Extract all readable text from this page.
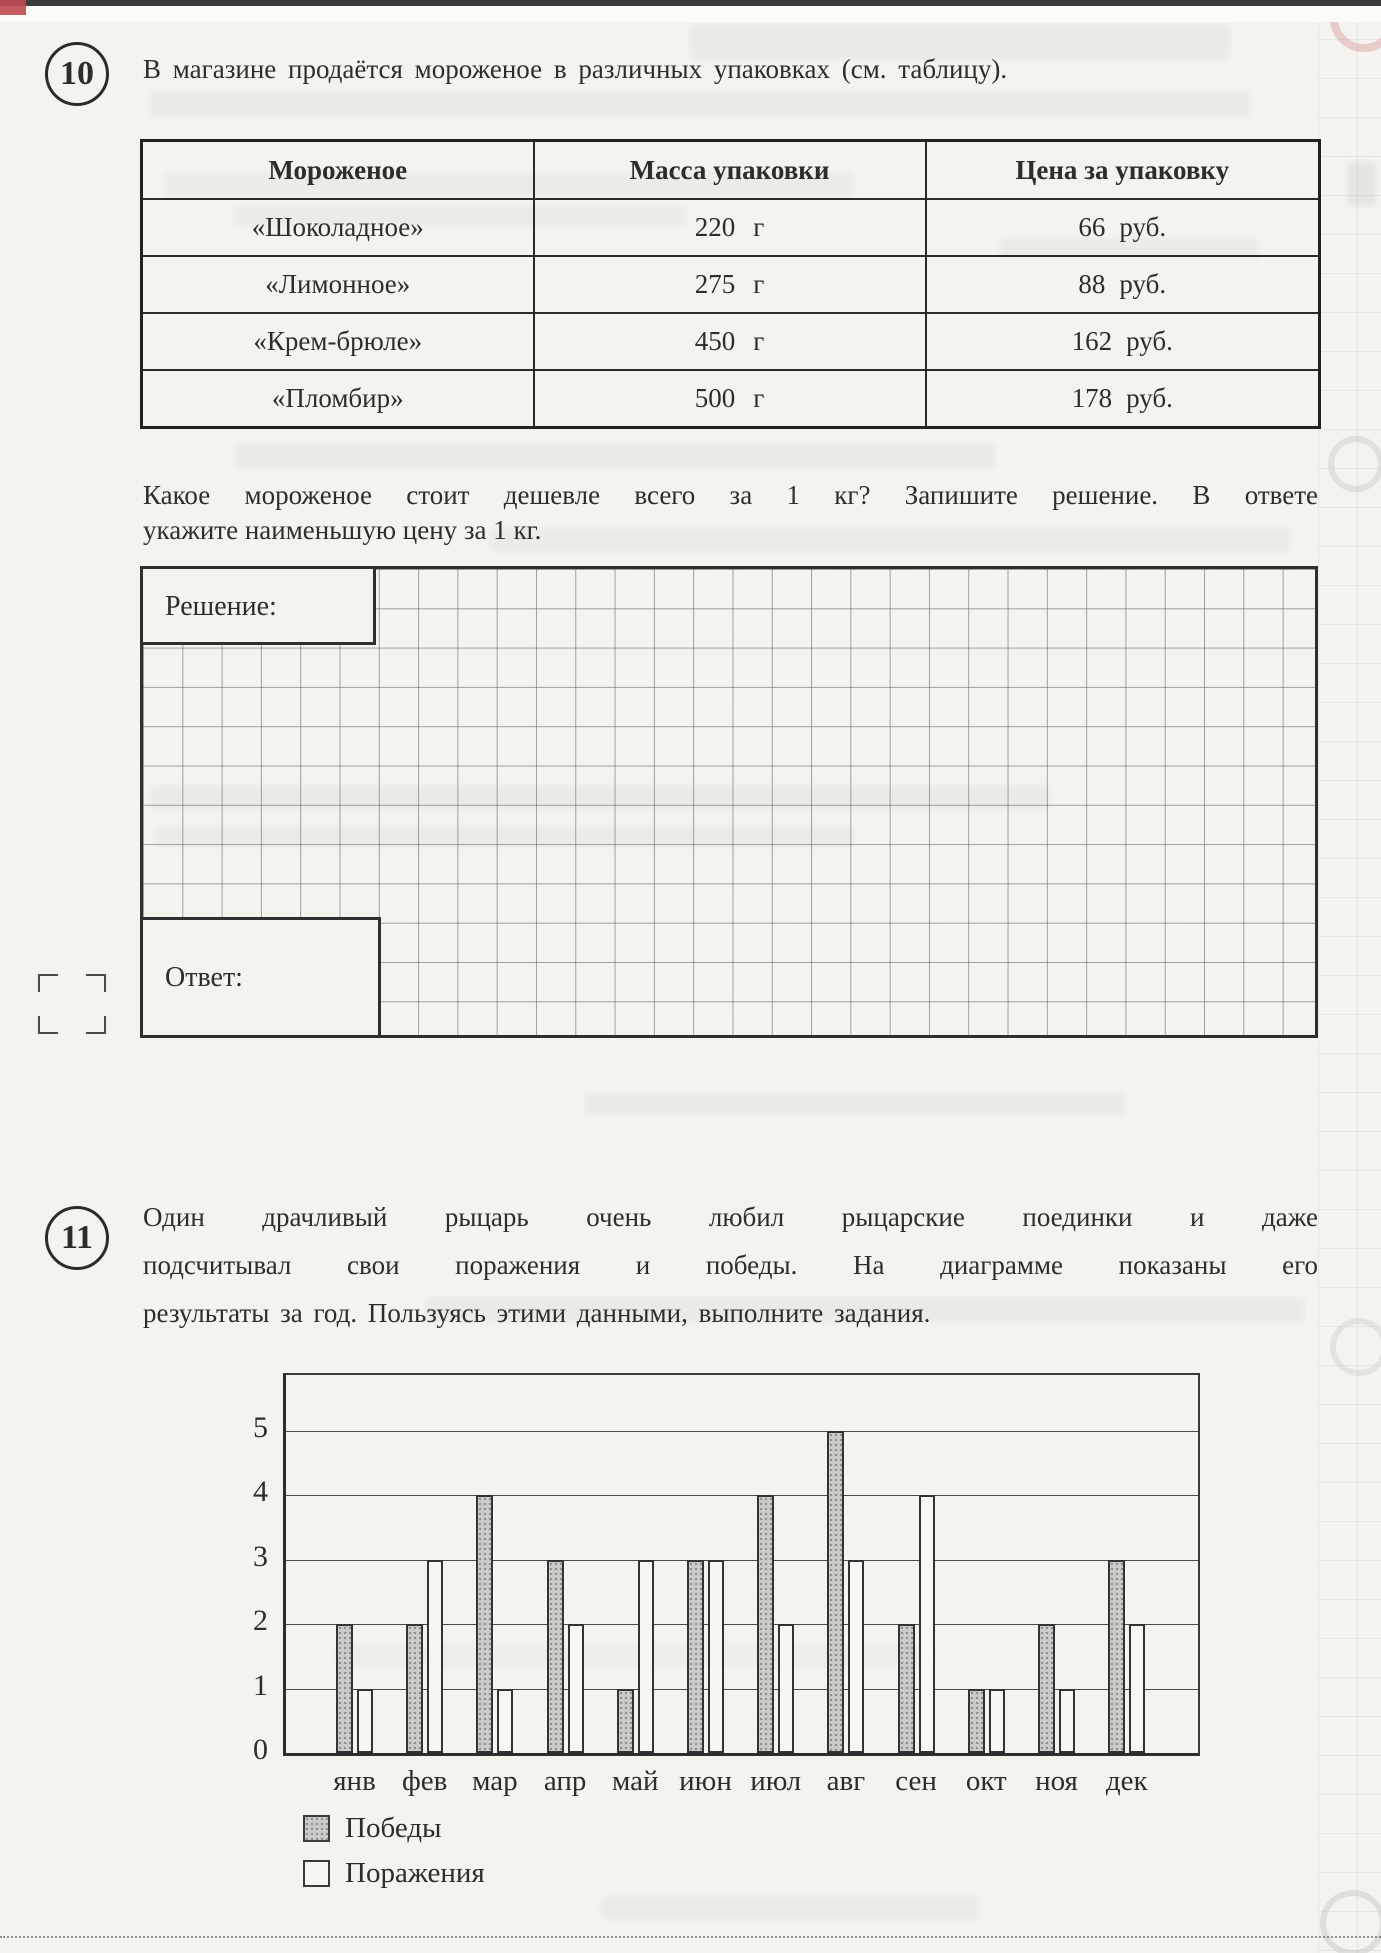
10 В магазине продаётся мороженое в различных упаковках (см. таблицу).
Мороженое	Масса упаковки	Цена за упаковку
«Шоколадное»	220 г	66 руб.
«Лимонное»	275 г	88 руб.
«Крем-брюле»	450 г	162 руб.
«Пломбир»	500 г	178 руб.
Какое мороженое стоит дешевле всего за 1 кг? Запишите решение. В ответе
укажите наименьшую цену за 1 кг.
Решение:
Ответ:
11
Один драчливый рыцарь очень любил рыцарские поединки и даже
подсчитывал свои поражения и победы. На диаграмме показаны его
результаты за год. Пользуясь этими данными, выполните задания.
0
1
2
3
4
5
янв фев мар апр май июн июл авг	сен окт ноя дек
Победы
Поражения
